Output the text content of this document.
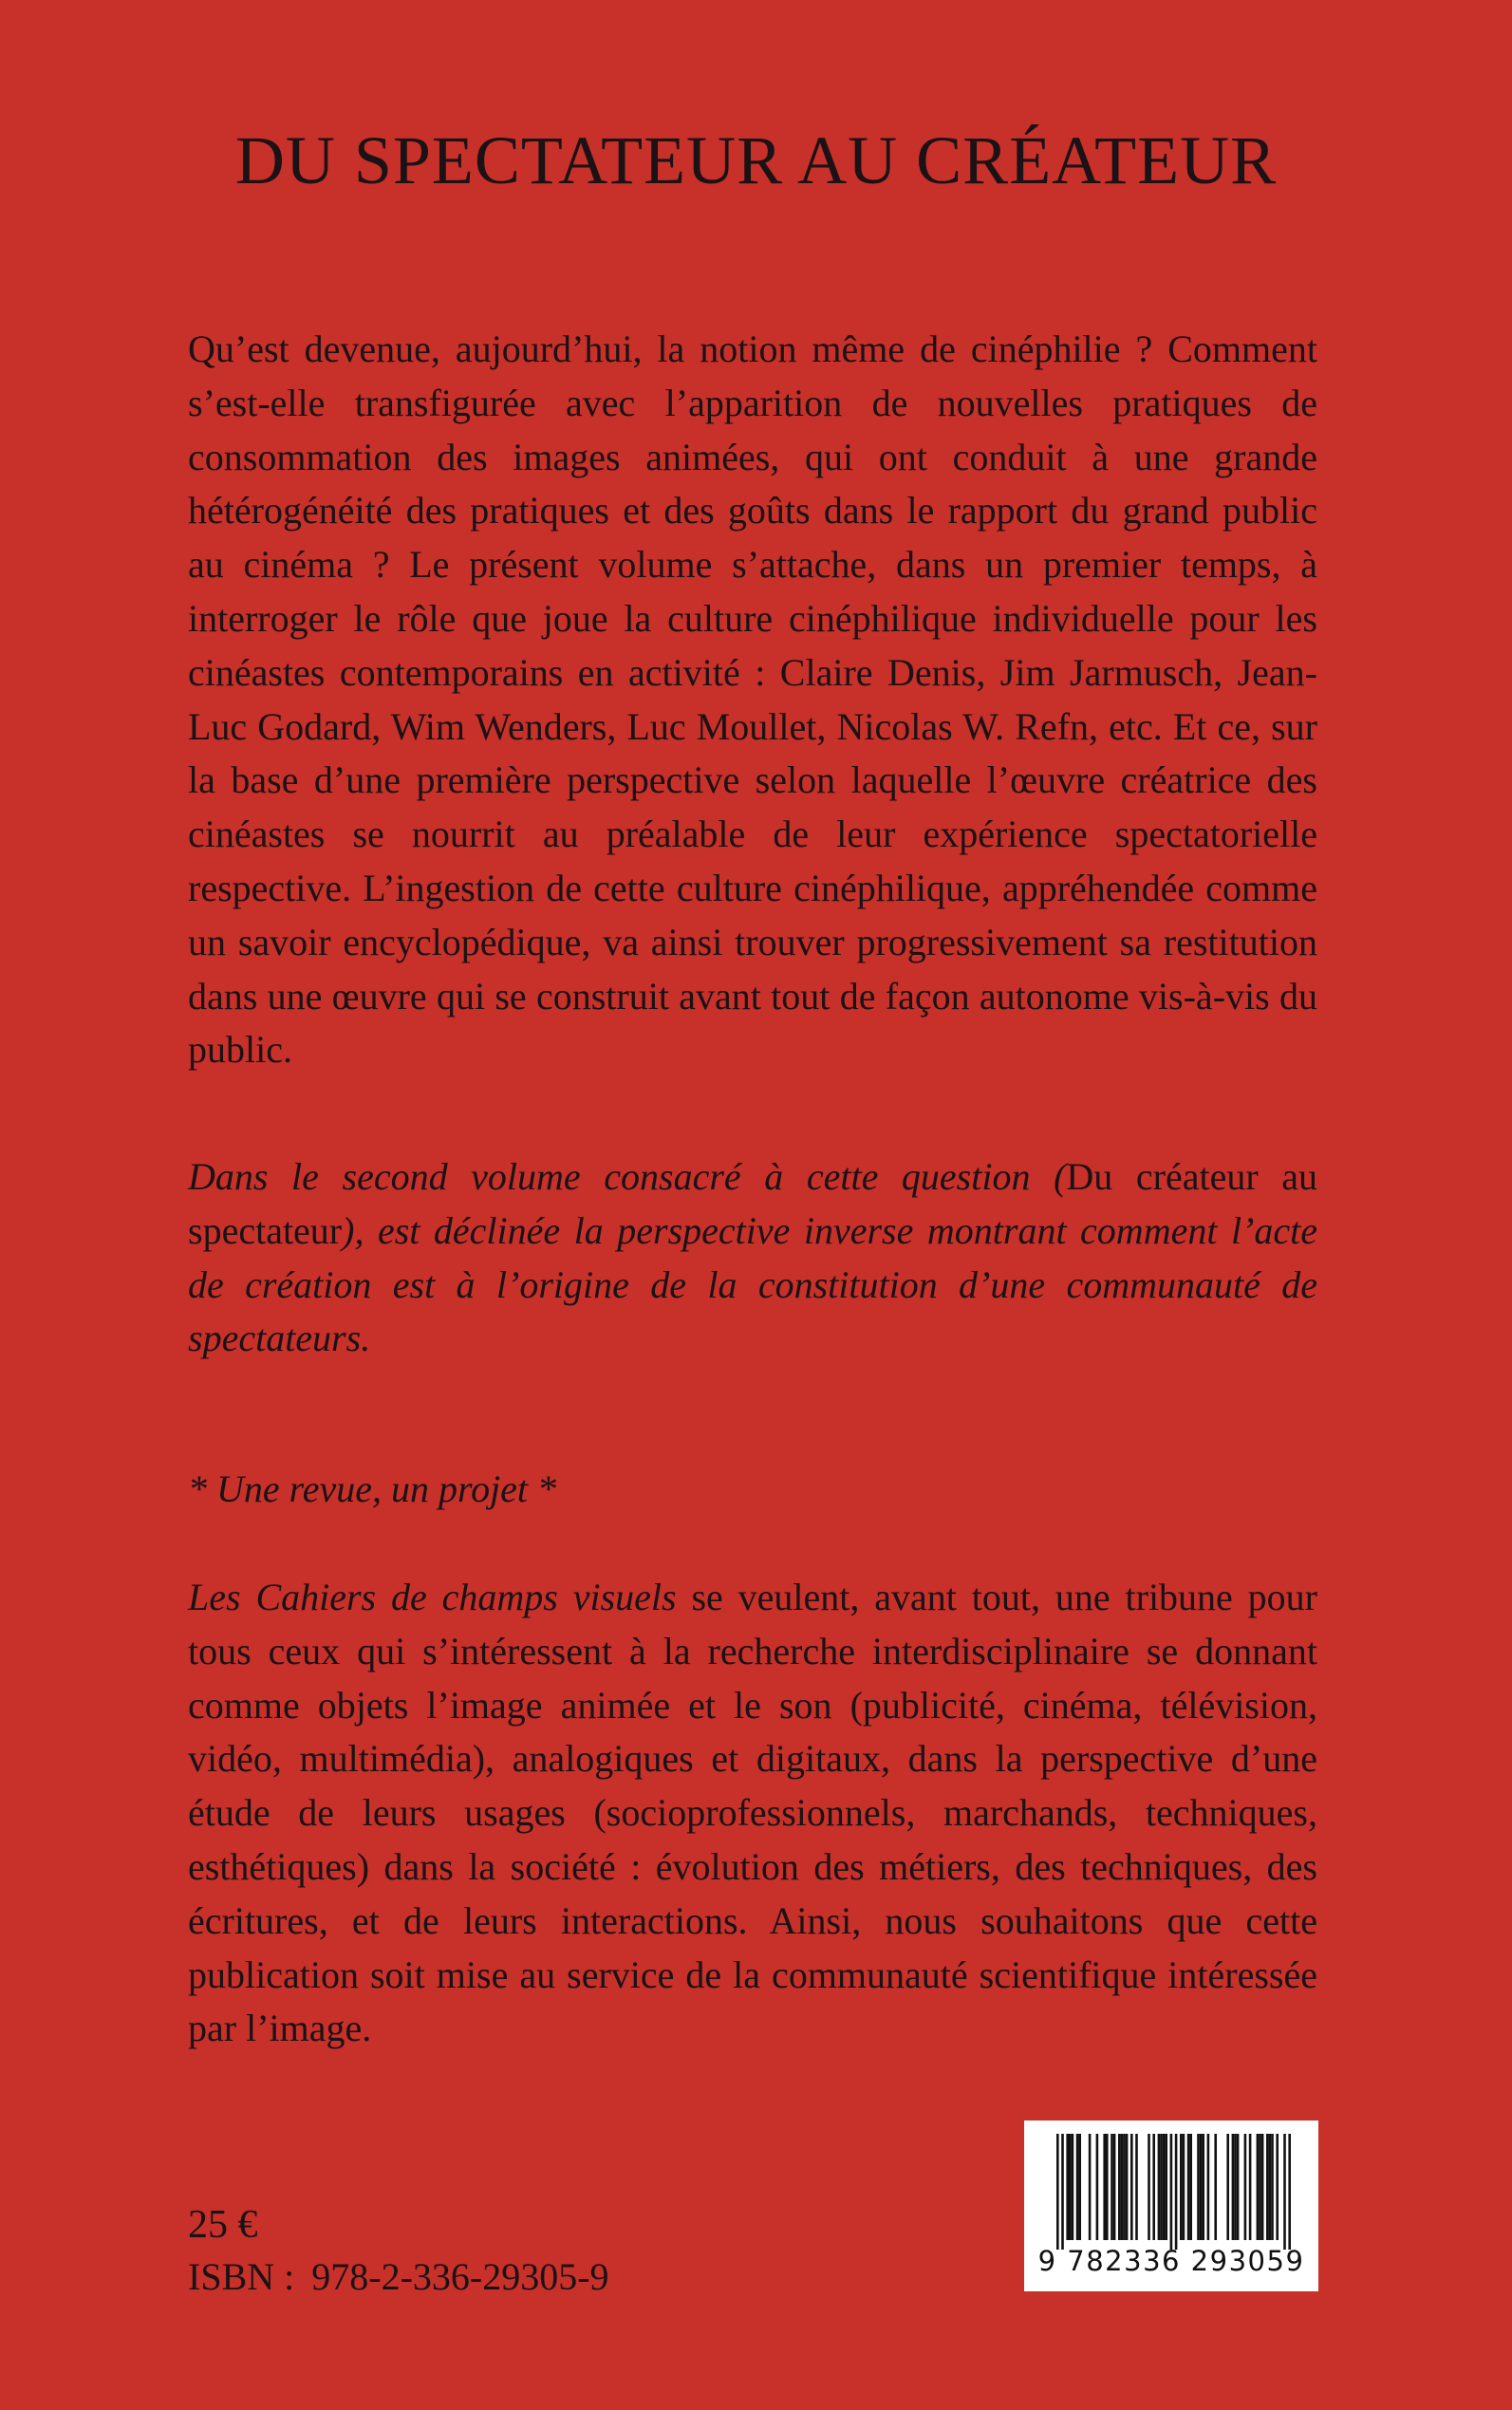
DU SPECTATEUR AU CRÉATEUR

Qu’est devenue, aujourd’hui, la notion même de cinéphilie ? Comment s’est-elle transfigurée avec l’apparition de nouvelles pratiques de consommation des images animées, qui ont conduit à une grande hétérogénéité des pratiques et des goûts dans le rapport du grand public au cinéma ? Le présent volume s’attache, dans un premier temps, à interroger le rôle que joue la culture cinéphilique individuelle pour les cinéastes contemporains en activité : Claire Denis, Jim Jarmusch, Jean-Luc Godard, Wim Wenders, Luc Moullet, Nicolas W. Refn, etc. Et ce, sur la base d’une première perspective selon laquelle l’œuvre créatrice des cinéastes se nourrit au préalable de leur expérience spectatorielle respective. L’ingestion de cette culture cinéphilique, appréhendée comme un savoir encyclopédique, va ainsi trouver progressivement sa restitution dans une œuvre qui se construit avant tout de façon autonome vis-à-vis du public.

Dans le second volume consacré à cette question (Du créateur au spectateur), est déclinée la perspective inverse montrant comment l’acte de création est à l’origine de la constitution d’une communauté de spectateurs.

* Une revue, un projet *

Les Cahiers de champs visuels se veulent, avant tout, une tribune pour tous ceux qui s’intéressent à la recherche interdisciplinaire se donnant comme objets l’image animée et le son (publicité, cinéma, télévision, vidéo, multimédia), analogiques et digitaux, dans la perspective d’une étude de leurs usages (socioprofessionnels, marchands, techniques, esthétiques) dans la société : évolution des métiers, des techniques, des écritures, et de leurs interactions. Ainsi, nous souhaitons que cette publication soit mise au service de la communauté scientifique intéressée par l’image.

25 €

ISBN : 978-2-336-29305-9	9 782336 293059
